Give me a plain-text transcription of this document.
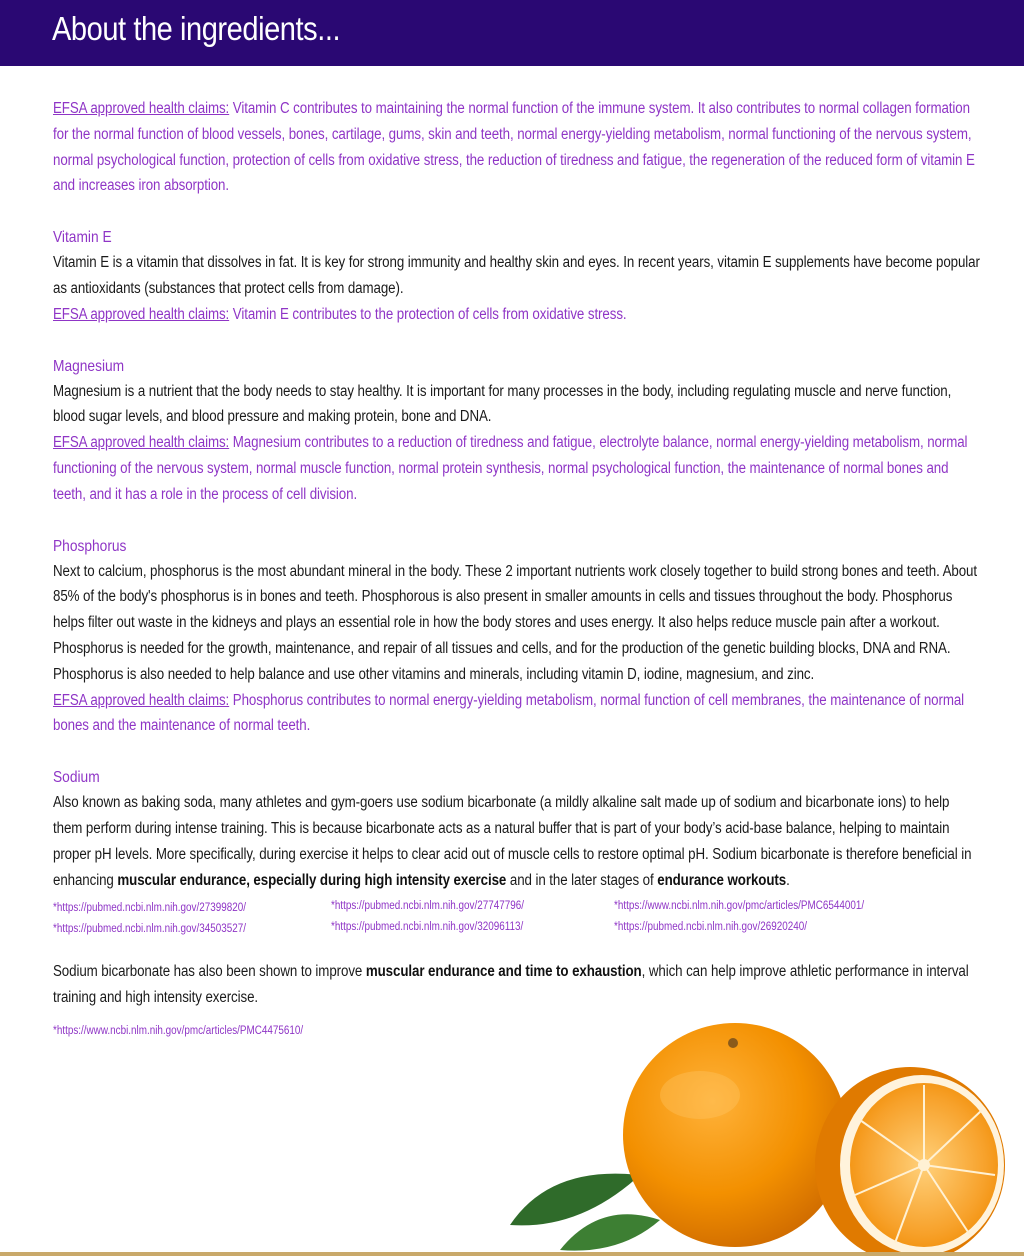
About the ingredients...

EFSA approved health claims: Vitamin C contributes to maintaining the normal function of the immune system. It also contributes to normal collagen formation for the normal function of blood vessels, bones, cartilage, gums, skin and teeth, normal energy-yielding metabolism, normal functioning of the nervous system, normal psychological function, protection of cells from oxidative stress, the reduction of tiredness and fatigue, the regeneration of the reduced form of vitamin E and increases iron absorption.

Vitamin E

Vitamin E is a vitamin that dissolves in fat. It is key for strong immunity and healthy skin and eyes. In recent years, vitamin E supplements have become popular as antioxidants (substances that protect cells from damage).

EFSA approved health claims: Vitamin E contributes to the protection of cells from oxidative stress.

Magnesium

Magnesium is a nutrient that the body needs to stay healthy. It is important for many processes in the body, including regulating muscle and nerve function, blood sugar levels, and blood pressure and making protein, bone and DNA.

EFSA approved health claims: Magnesium contributes to a reduction of tiredness and fatigue, electrolyte balance, normal energy-yielding metabolism, normal functioning of the nervous system, normal muscle function, normal protein synthesis, normal psychological function, the maintenance of normal bones and teeth, and it has a role in the process of cell division.

Phosphorus

Next to calcium, phosphorus is the most abundant mineral in the body. These 2 important nutrients work closely together to build strong bones and teeth. About 85% of the body's phosphorus is in bones and teeth. Phosphorous is also present in smaller amounts in cells and tissues throughout the body. Phosphorus helps filter out waste in the kidneys and plays an essential role in how the body stores and uses energy. It also helps reduce muscle pain after a workout. Phosphorus is needed for the growth, maintenance, and repair of all tissues and cells, and for the production of the genetic building blocks, DNA and RNA. Phosphorus is also needed to help balance and use other vitamins and minerals, including vitamin D, iodine, magnesium, and zinc.

EFSA approved health claims: Phosphorus contributes to normal energy-yielding metabolism, normal function of cell membranes, the maintenance of normal bones and the maintenance of normal teeth.

Sodium

Also known as baking soda, many athletes and gym-goers use sodium bicarbonate (a mildly alkaline salt made up of sodium and bicarbonate ions) to help them perform during intense training. This is because bicarbonate acts as a natural buffer that is part of your body’s acid-base balance, helping to maintain proper pH levels. More specifically, during exercise it helps to clear acid out of muscle cells to restore optimal pH. Sodium bicarbonate is therefore beneficial in enhancing muscular endurance, especially during high intensity exercise and in the later stages of endurance workouts.

*https://pubmed.ncbi.nlm.nih.gov/27399820/
*https://pubmed.ncbi.nlm.nih.gov/34503527/
*https://pubmed.ncbi.nlm.nih.gov/27747796/
*https://pubmed.ncbi.nlm.nih.gov/32096113/
*https://www.ncbi.nlm.nih.gov/pmc/articles/PMC6544001/
*https://pubmed.ncbi.nlm.nih.gov/26920240/

Sodium bicarbonate has also been shown to improve muscular endurance and time to exhaustion, which can help improve athletic performance in interval training and high intensity exercise.

*https://www.ncbi.nlm.nih.gov/pmc/articles/PMC4475610/
